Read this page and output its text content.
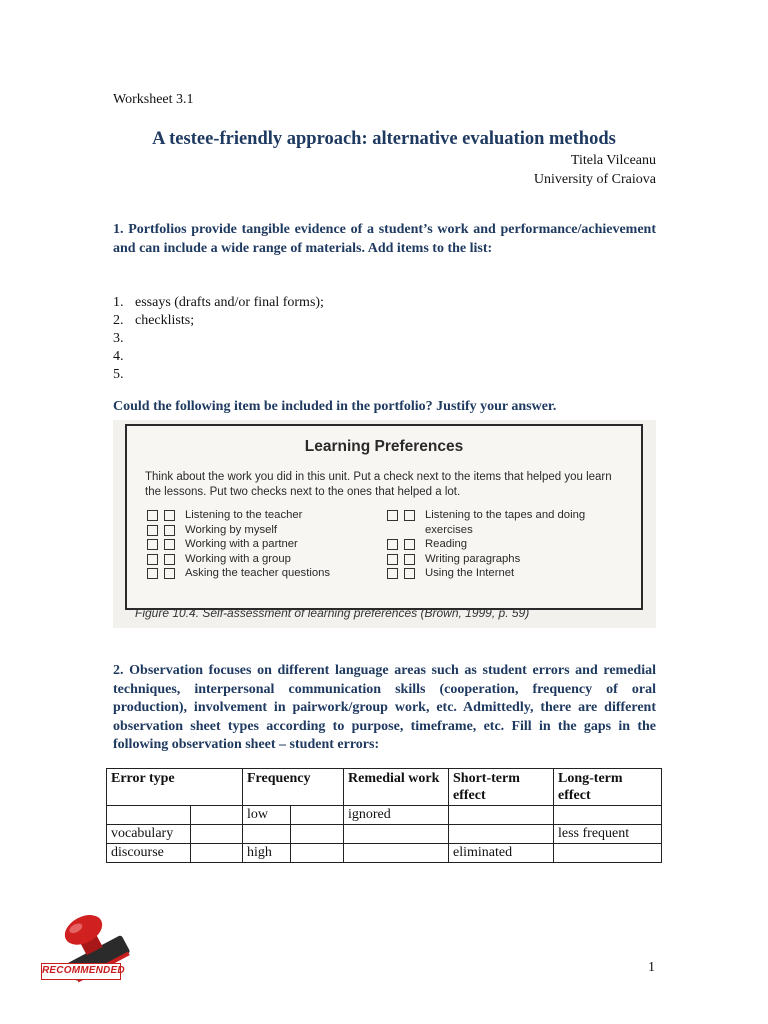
Worksheet 3.1
A testee-friendly approach: alternative evaluation methods
Titela Vilceanu
University of Craiova
1. Portfolios provide tangible evidence of a student’s work and performance/achievement and can include a wide range of materials. Add items to the list:
1. essays (drafts and/or final forms);
2. checklists;
3.
4.
5.
Could the following item be included in the portfolio? Justify your answer.
Learning Preferences
Think about the work you did in this unit. Put a check next to the items that helped you learn the lessons. Put two checks next to the ones that helped a lot.
Listening to the teacher
Working by myself
Working with a partner
Working with a group
Asking the teacher questions
Listening to the tapes and doing
exercises
Reading
Writing paragraphs
Using the Internet
Figure 10.4. Self-assessment of learning preferences (Brown, 1999, p. 59)
2. Observation focuses on different language areas such as student errors and remedial techniques, interpersonal communication skills (cooperation, frequency of oral production), involvement in pairwork/group work, etc. Admittedly, there are different observation sheet types according to purpose, timeframe, etc. Fill in the gaps in the following observation sheet – student errors:
Error type		Frequency		Remedial work	Short-term effect	Long-term effect
		low		ignored		
vocabulary						less frequent
discourse		high			eliminated	
RECOMMENDED	1
